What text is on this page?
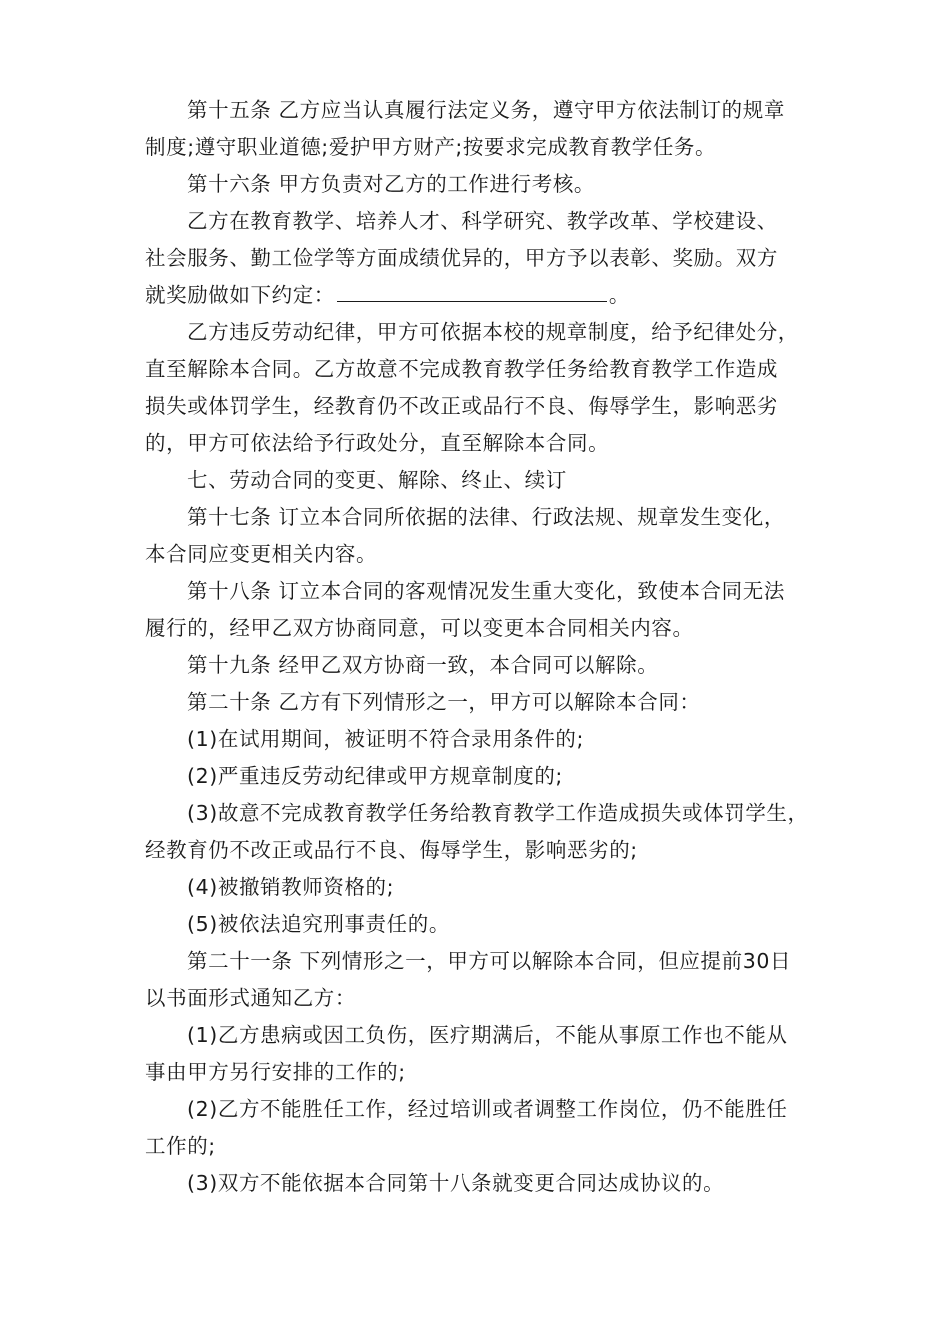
第十五条 乙方应当认真履行法定义务，遵守甲方依法制订的规章

制度;遵守职业道德;爱护甲方财产;按要求完成教育教学任务。

第十六条 甲方负责对乙方的工作进行考核。

乙方在教育教学、培养人才、科学研究、教学改革、学校建设、

社会服务、勤工俭学等方面成绩优异的，甲方予以表彰、奖励。双方

就奖励做如下约定：	。

乙方违反劳动纪律，甲方可依据本校的规章制度，给予纪律处分，

直至解除本合同。乙方故意不完成教育教学任务给教育教学工作造成

损失或体罚学生，经教育仍不改正或品行不良、侮辱学生，影响恶劣

的，甲方可依法给予行政处分，直至解除本合同。

七、劳动合同的变更、解除、终止、续订

第十七条 订立本合同所依据的法律、行政法规、规章发生变化，

本合同应变更相关内容。

第十八条 订立本合同的客观情况发生重大变化，致使本合同无法

履行的，经甲乙双方协商同意，可以变更本合同相关内容。

第十九条 经甲乙双方协商一致，本合同可以解除。

第二十条 乙方有下列情形之一，甲方可以解除本合同：

(1)在试用期间，被证明不符合录用条件的;

(2)严重违反劳动纪律或甲方规章制度的;

(3)故意不完成教育教学任务给教育教学工作造成损失或体罚学生，

经教育仍不改正或品行不良、侮辱学生，影响恶劣的;

(4)被撤销教师资格的;

(5)被依法追究刑事责任的。

第二十一条 下列情形之一，甲方可以解除本合同，但应提前30日

以书面形式通知乙方：

(1)乙方患病或因工负伤，医疗期满后，不能从事原工作也不能从

事由甲方另行安排的工作的;

(2)乙方不能胜任工作，经过培训或者调整工作岗位，仍不能胜任

工作的;

(3)双方不能依据本合同第十八条就变更合同达成协议的。
